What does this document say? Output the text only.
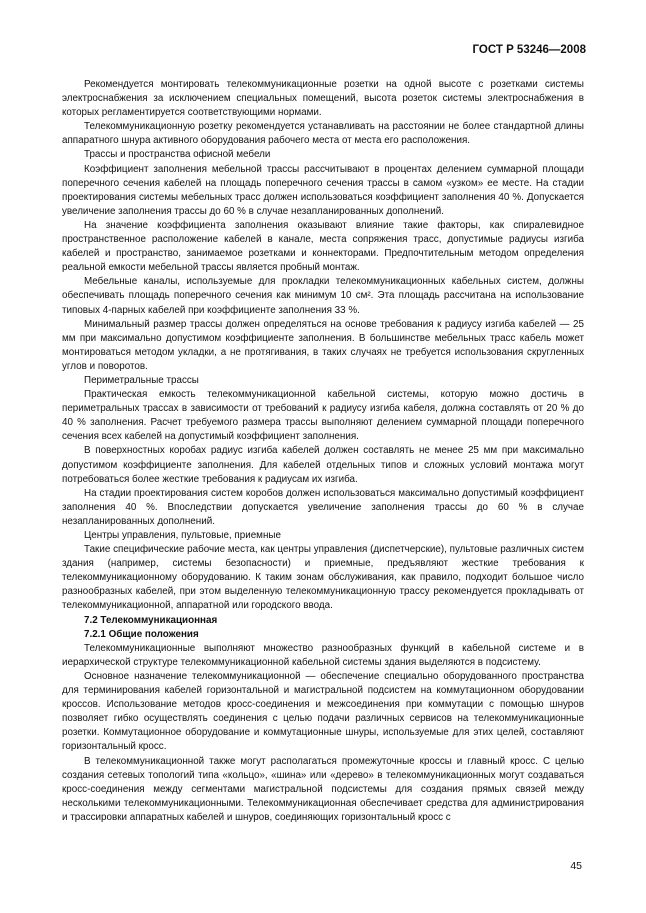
ГОСТ Р 53246—2008

Рекомендуется монтировать телекоммуникационные розетки на одной высоте с розетками системы электроснабжения за исключением специальных помещений, высота розеток системы электроснабжения в которых регламентируется соответствующими нормами.

Телекоммуникационную розетку рекомендуется устанавливать на расстоянии не более стандартной длины аппаратного шнура активного оборудования рабочего места от места его расположения.

Трассы и пространства офисной мебели

Коэффициент заполнения мебельной трассы рассчитывают в процентах делением суммарной площади поперечного сечения кабелей на площадь поперечного сечения трассы в самом «узком» ее месте. На стадии проектирования системы мебельных трасс должен использоваться коэффициент заполнения 40 %. Допускается увеличение заполнения трассы до 60 % в случае незапланированных дополнений.

На значение коэффициента заполнения оказывают влияние такие факторы, как спиралевидное пространственное расположение кабелей в канале, места сопряжения трасс, допустимые радиусы изгиба кабелей и пространство, занимаемое розетками и коннекторами. Предпочтительным методом определения реальной емкости мебельной трассы является пробный монтаж.

Мебельные каналы, используемые для прокладки телекоммуникационных кабельных систем, должны обеспечивать площадь поперечного сечения как минимум 10 см². Эта площадь рассчитана на использование типовых 4-парных кабелей при коэффициенте заполнения 33 %.

Минимальный размер трассы должен определяться на основе требования к радиусу изгиба кабелей — 25 мм при максимально допустимом коэффициенте заполнения. В большинстве мебельных трасс кабель может монтироваться методом укладки, а не протягивания, в таких случаях не требуется использования скругленных углов и поворотов.

Периметральные трассы

Практическая емкость телекоммуникационной кабельной системы, которую можно достичь в периметральных трассах в зависимости от требований к радиусу изгиба кабеля, должна составлять от 20 % до 40 % заполнения. Расчет требуемого размера трассы выполняют делением суммарной площади поперечного сечения всех кабелей на допустимый коэффициент заполнения.

В поверхностных коробах радиус изгиба кабелей должен составлять не менее 25 мм при максимально допустимом коэффициенте заполнения. Для кабелей отдельных типов и сложных условий монтажа могут потребоваться более жесткие требования к радиусам их изгиба.

На стадии проектирования систем коробов должен использоваться максимально допустимый коэффициент заполнения 40 %. Впоследствии допускается увеличение заполнения трассы до 60 % в случае незапланированных дополнений.

Центры управления, пультовые, приемные

Такие специфические рабочие места, как центры управления (диспетчерские), пультовые различных систем здания (например, системы безопасности) и приемные, предъявляют жесткие требования к телекоммуникационному оборудованию. К таким зонам обслуживания, как правило, подходит большое число разнообразных кабелей, при этом выделенную телекоммуникационную трассу рекомендуется прокладывать от телекоммуникационной, аппаратной или городского ввода.

7.2 Телекоммуникационная

7.2.1 Общие положения

Телекоммуникационные выполняют множество разнообразных функций в кабельной системе и в иерархической структуре телекоммуникационной кабельной системы здания выделяются в подсистему.

Основное назначение телекоммуникационной — обеспечение специально оборудованного пространства для терминирования кабелей горизонтальной и магистральной подсистем на коммутационном оборудовании кроссов. Использование методов кросс-соединения и межсоединения при коммутации с помощью шнуров позволяет гибко осуществлять соединения с целью подачи различных сервисов на телекоммуникационные розетки. Коммутационное оборудование и коммутационные шнуры, используемые для этих целей, составляют горизонтальный кросс.

В телекоммуникационной также могут располагаться промежуточные кроссы и главный кросс. С целью создания сетевых топологий типа «кольцо», «шина» или «дерево» в телекоммуникационных могут создаваться кросс-соединения между сегментами магистральной подсистемы для создания прямых связей между несколькими телекоммуникационными. Телекоммуникационная обеспечивает средства для администрирования и трассировки аппаратных кабелей и шнуров, соединяющих горизонтальный кросс с

45
